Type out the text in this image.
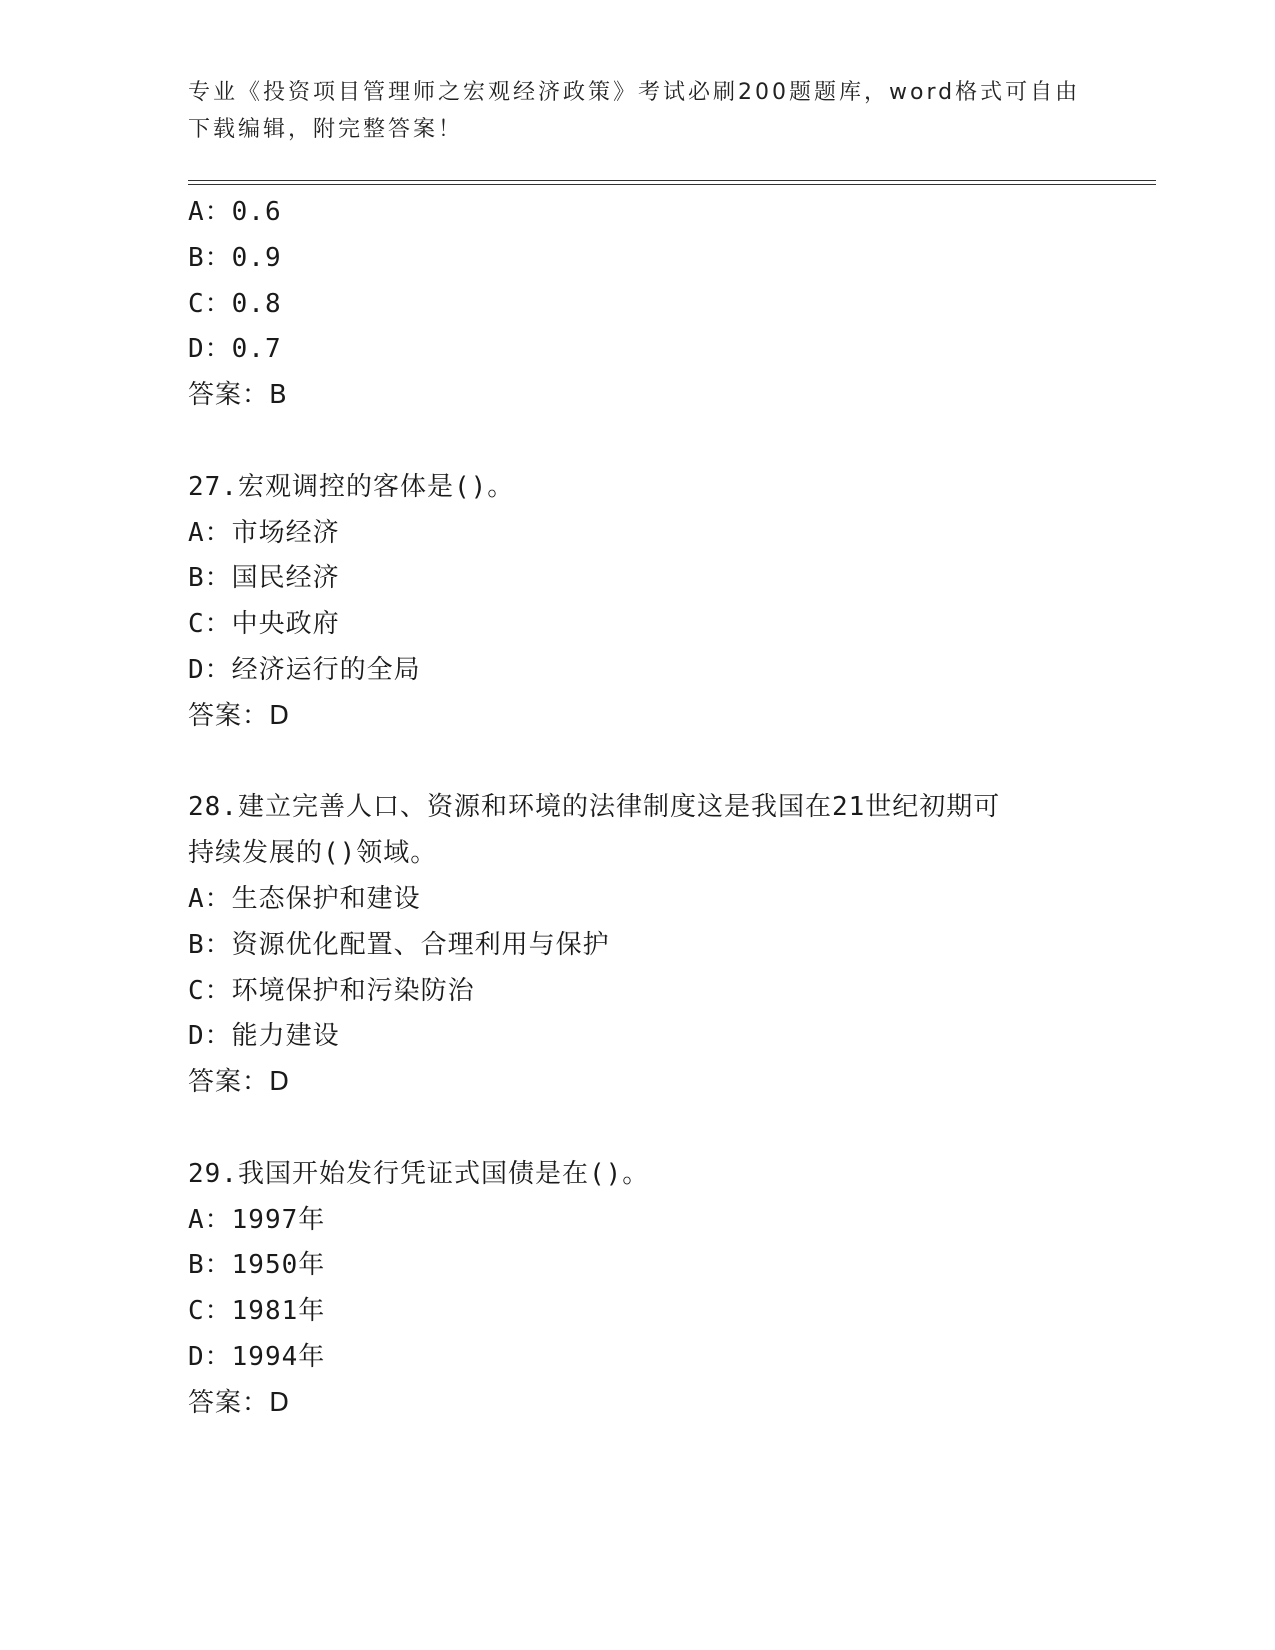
专业《投资项目管理师之宏观经济政策》考试必刷200题题库，word格式可自由
下载编辑，附完整答案！
A：0.6
B：0.9
C：0.8
D：0.7
答案：B
27.宏观调控的客体是()。
A：市场经济
B：国民经济
C：中央政府
D：经济运行的全局
答案：D
28.建立完善人口、资源和环境的法律制度这是我国在21世纪初期可
持续发展的()领域。
A：生态保护和建设
B：资源优化配置、合理利用与保护
C：环境保护和污染防治
D：能力建设
答案：D
29.我国开始发行凭证式国债是在()。
A：1997年
B：1950年
C：1981年
D：1994年
答案：D
